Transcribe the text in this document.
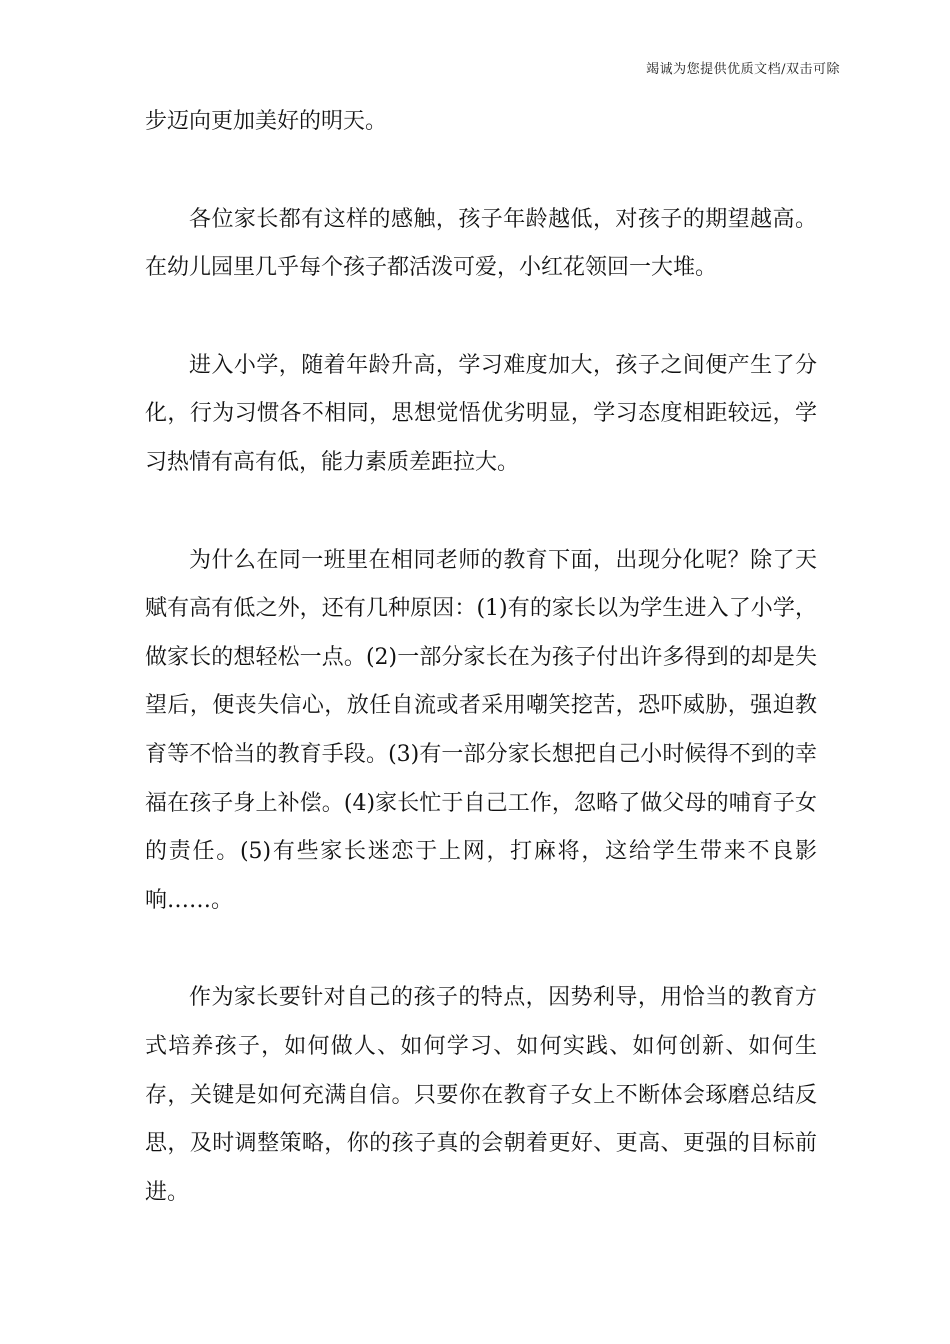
竭诚为您提供优质文档/双击可除

步迈向更加美好的明天。

各位家长都有这样的感触，孩子年龄越低，对孩子的期望越高。在幼儿园里几乎每个孩子都活泼可爱，小红花领回一大堆。

进入小学，随着年龄升高，学习难度加大，孩子之间便产生了分化，行为习惯各不相同，思想觉悟优劣明显，学习态度相距较远，学习热情有高有低，能力素质差距拉大。

为什么在同一班里在相同老师的教育下面，出现分化呢？除了天赋有高有低之外，还有几种原因：(1)有的家长以为学生进入了小学，做家长的想轻松一点。(2)一部分家长在为孩子付出许多得到的却是失望后，便丧失信心，放任自流或者采用嘲笑挖苦，恐吓威胁，强迫教育等不恰当的教育手段。(3)有一部分家长想把自己小时候得不到的幸福在孩子身上补偿。(4)家长忙于自己工作，忽略了做父母的哺育子女的责任。(5)有些家长迷恋于上网，打麻将，这给学生带来不良影响……。

作为家长要针对自己的孩子的特点，因势利导，用恰当的教育方式培养孩子，如何做人、如何学习、如何实践、如何创新、如何生存，关键是如何充满自信。只要你在教育子女上不断体会琢磨总结反思，及时调整策略，你的孩子真的会朝着更好、更高、更强的目标前进。
